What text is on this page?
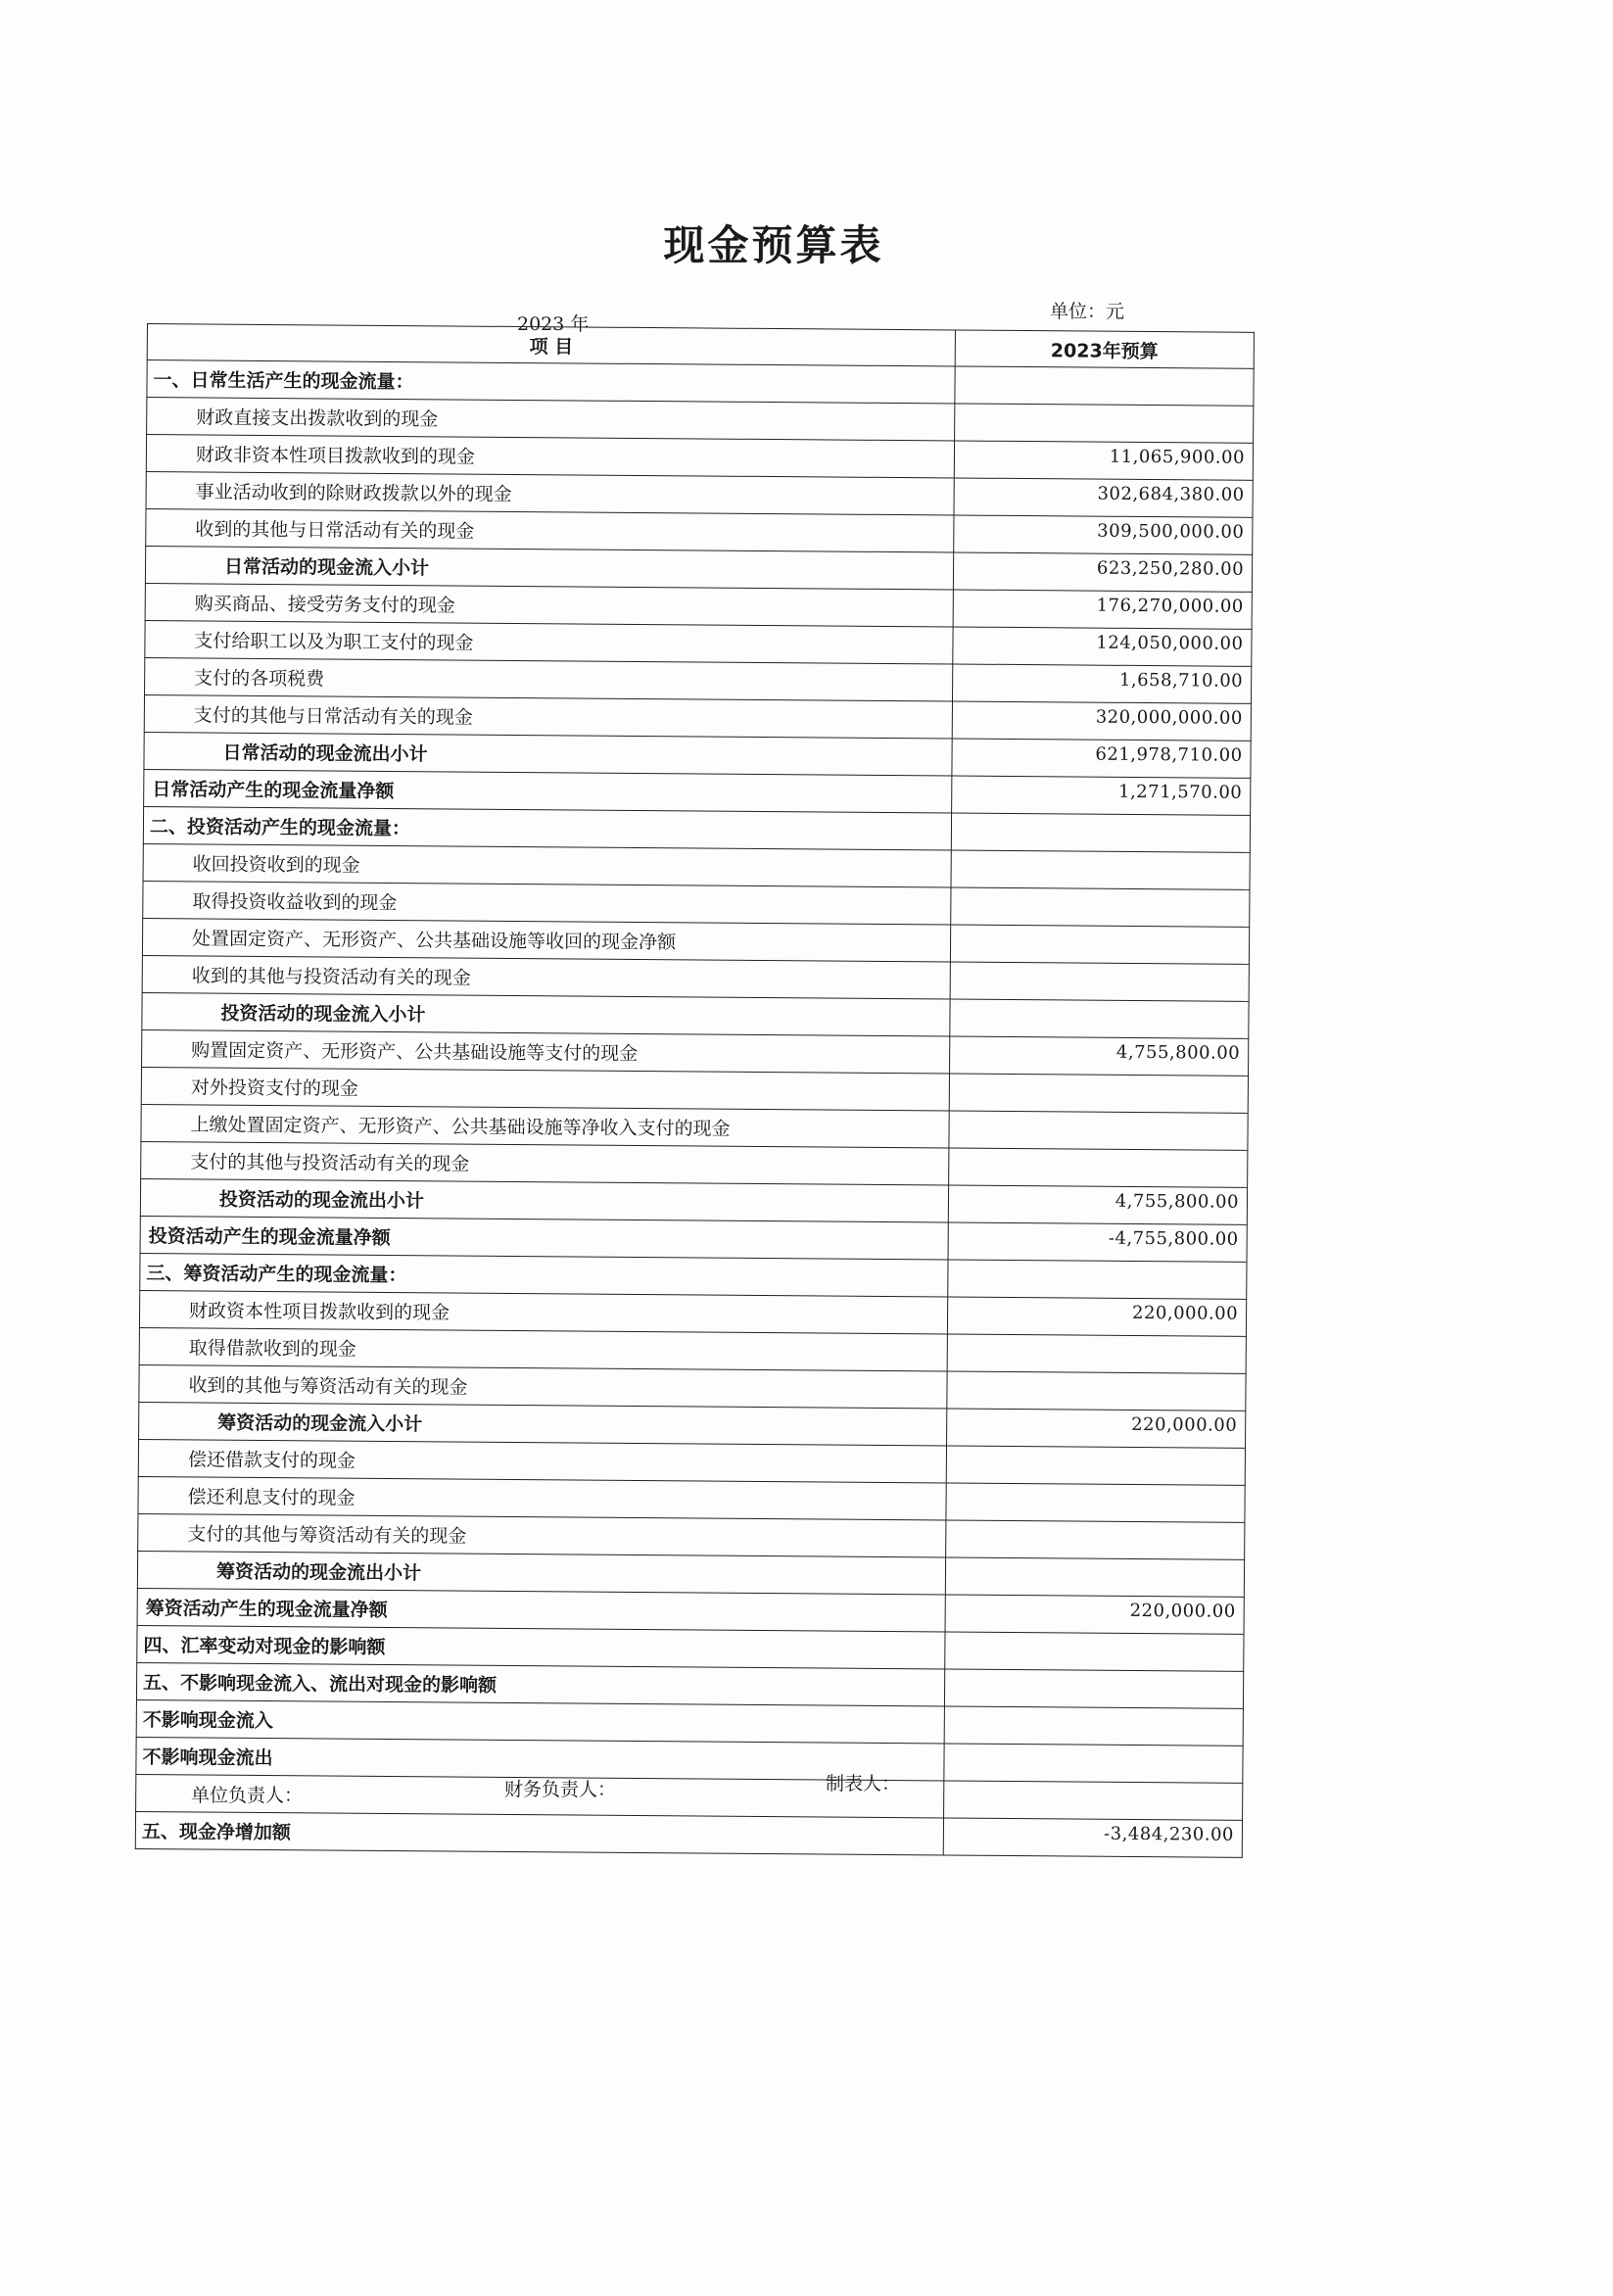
现金预算表
2023 年
单位：元
项 目	2023年预算
一、日常生活产生的现金流量：	
财政直接支出拨款收到的现金	
财政非资本性项目拨款收到的现金	11,065,900.00
事业活动收到的除财政拨款以外的现金	302,684,380.00
收到的其他与日常活动有关的现金	309,500,000.00
日常活动的现金流入小计	623,250,280.00
购买商品、接受劳务支付的现金	176,270,000.00
支付给职工以及为职工支付的现金	124,050,000.00
支付的各项税费	1,658,710.00
支付的其他与日常活动有关的现金	320,000,000.00
日常活动的现金流出小计	621,978,710.00
日常活动产生的现金流量净额	1,271,570.00
二、投资活动产生的现金流量：	
收回投资收到的现金	
取得投资收益收到的现金	
处置固定资产、无形资产、公共基础设施等收回的现金净额	
收到的其他与投资活动有关的现金	
投资活动的现金流入小计	
购置固定资产、无形资产、公共基础设施等支付的现金	4,755,800.00
对外投资支付的现金	
上缴处置固定资产、无形资产、公共基础设施等净收入支付的现金	
支付的其他与投资活动有关的现金	
投资活动的现金流出小计	4,755,800.00
投资活动产生的现金流量净额	-4,755,800.00
三、筹资活动产生的现金流量：	
财政资本性项目拨款收到的现金	220,000.00
取得借款收到的现金	
收到的其他与筹资活动有关的现金	
筹资活动的现金流入小计	220,000.00
偿还借款支付的现金	
偿还利息支付的现金	
支付的其他与筹资活动有关的现金	
筹资活动的现金流出小计	
筹资活动产生的现金流量净额	220,000.00
四、汇率变动对现金的影响额	
五、不影响现金流入、流出对现金的影响额	
不影响现金流入	
不影响现金流出	

五、现金净增加额	-3,484,230.00
单位负责人：	财务负责人：	制表人：
